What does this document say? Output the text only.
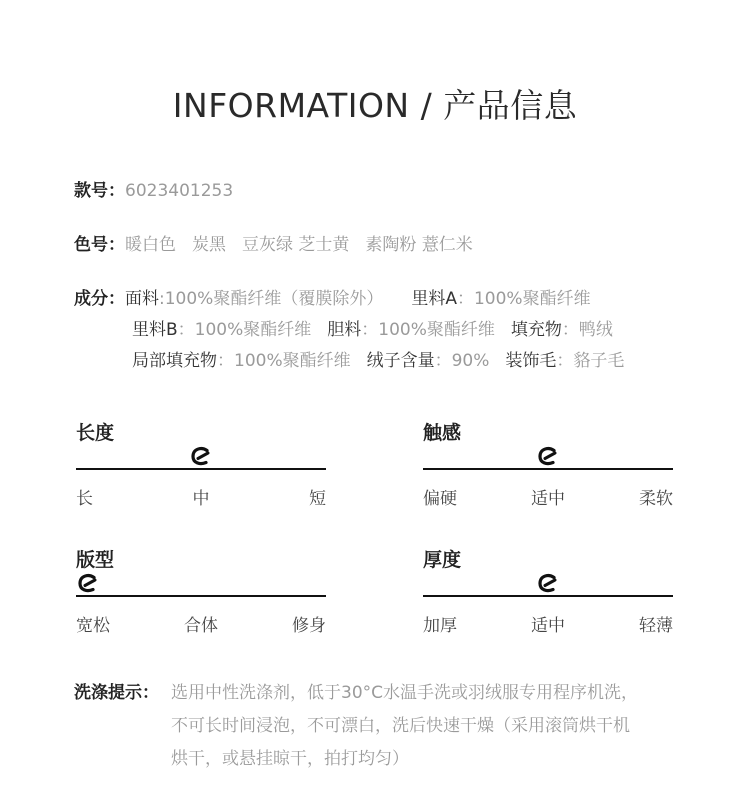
INFORMATION / 产品信息
款号：6023401253
色号：暖白色 炭黑 豆灰绿 芝士黄 素陶粉 薏仁米
成分：面料:100%聚酯纤维（覆膜除外） 里料A：100%聚酯纤维
里料B：100%聚酯纤维 胆料：100%聚酯纤维 填充物：鸭绒
局部填充物：100%聚酯纤维 绒子含量：90% 装饰毛：貉子毛
长度
长	中	短
触感
偏硬	适中	柔软
版型
宽松	合体	修身
厚度
加厚	适中	轻薄
洗涤提示： 选用中性洗涤剂，低于30°C水温手洗或羽绒服专用程序机洗，
不可长时间浸泡，不可漂白，洗后快速干燥（采用滚筒烘干机
烘干，或悬挂晾干，拍打均匀）
